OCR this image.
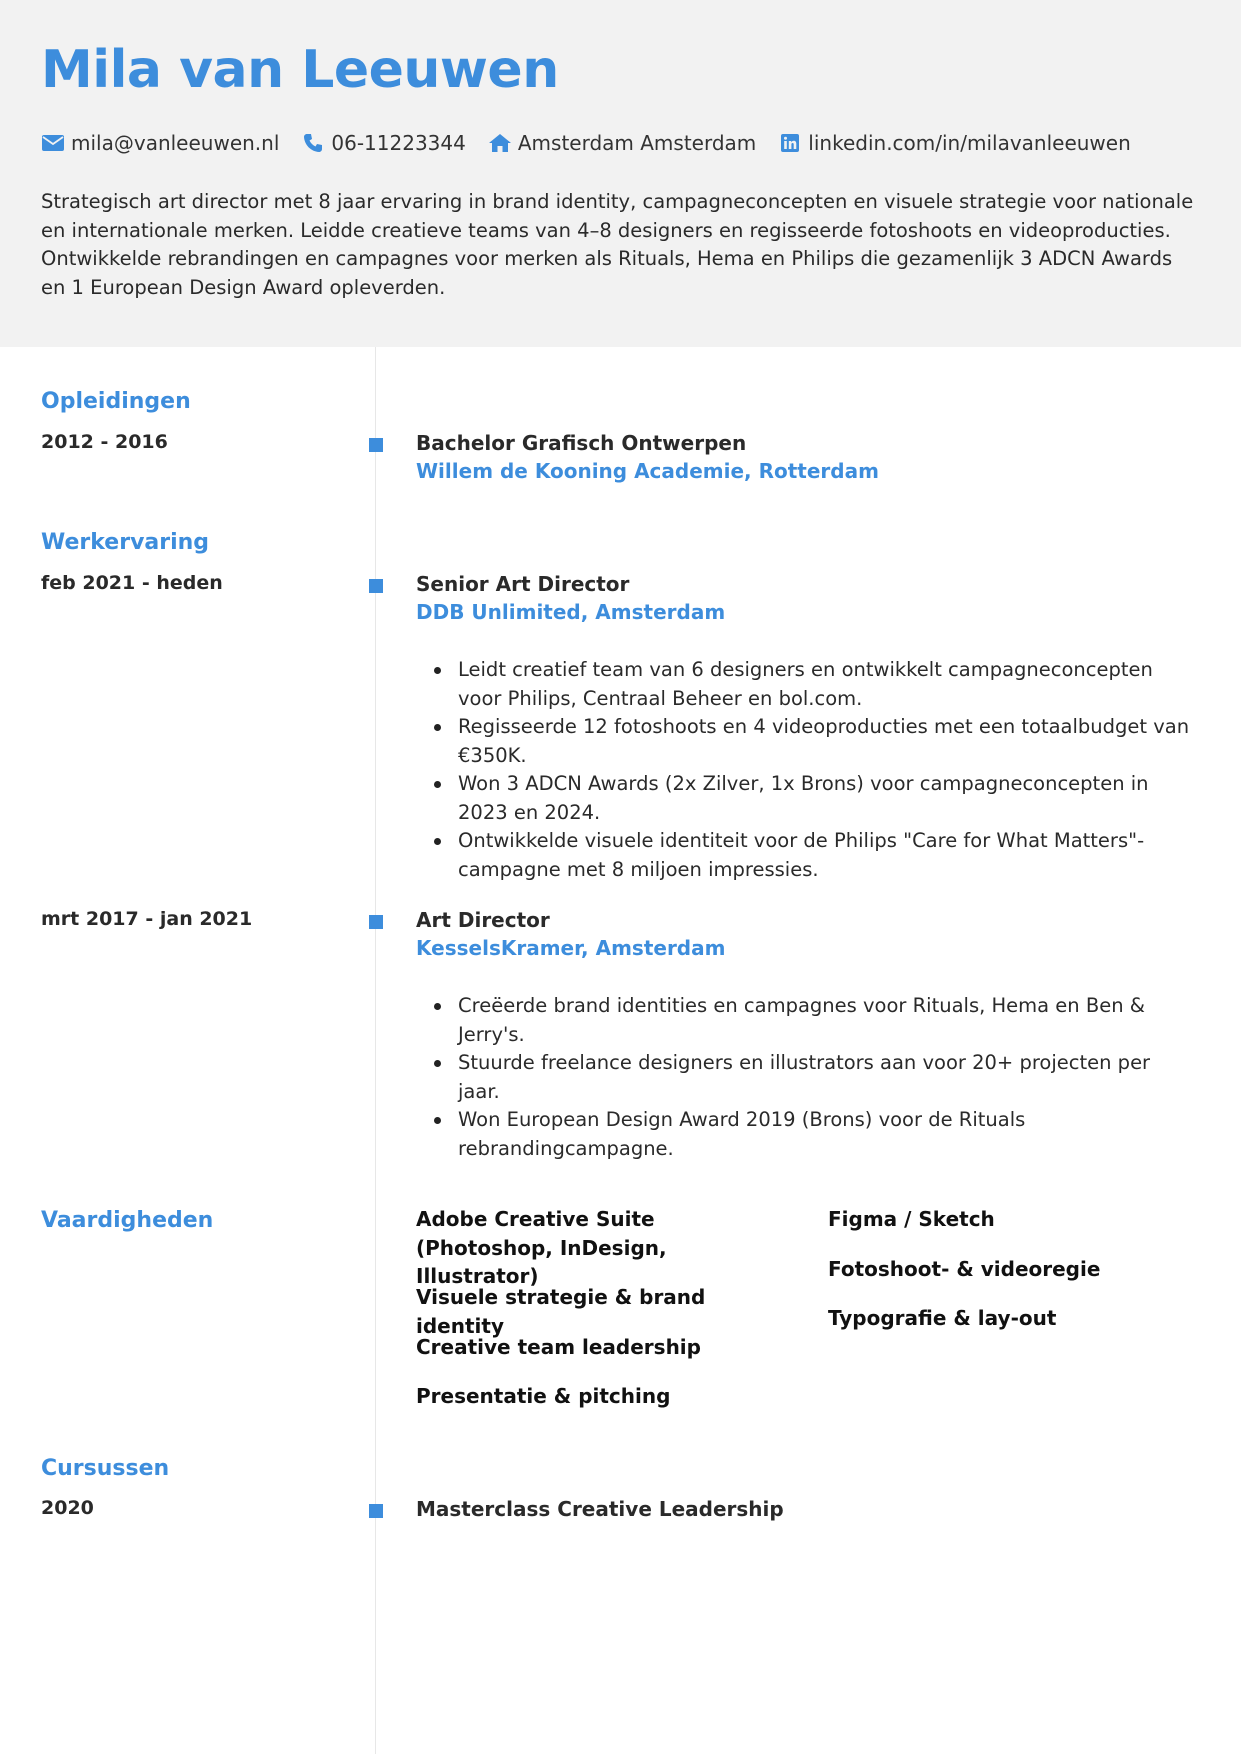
Mila van Leeuwen
mila@vanleeuwen.nl	06-11223344	Amsterdam Amsterdam	linkedin.com/in/milavanleeuwen

Strategisch art director met 8 jaar ervaring in brand identity, campagneconcepten en visuele strategie voor nationale en internationale merken. Leidde creatieve teams van 4–8 designers en regisseerde fotoshoots en videoproducties. Ontwikkelde rebrandingen en campagnes voor merken als Rituals, Hema en Philips die gezamenlijk 3 ADCN Awards en 1 European Design Award opleverden.

Opleidingen
2012 - 2016	Bachelor Grafisch Ontwerpen
Willem de Kooning Academie, Rotterdam
Werkervaring
feb 2021 - heden	Senior Art Director
DDB Unlimited, Amsterdam
Leidt creatief team van 6 designers en ontwikkelt campagneconcepten voor Philips, Centraal Beheer en bol.com.
Regisseerde 12 fotoshoots en 4 videoproducties met een totaalbudget van €350K.
Won 3 ADCN Awards (2x Zilver, 1x Brons) voor campagneconcepten in 2023 en 2024.
Ontwikkelde visuele identiteit voor de Philips "Care for What Matters"-campagne met 8 miljoen impressies.
mrt 2017 - jan 2021	Art Director
KesselsKramer, Amsterdam
Creëerde brand identities en campagnes voor Rituals, Hema en Ben & Jerry's.
Stuurde freelance designers en illustrators aan voor 20+ projecten per jaar.
Won European Design Award 2019 (Brons) voor de Rituals rebrandingcampagne.
Vaardigheden	Adobe Creative Suite (Photoshop, InDesign, Illustrator)
Visuele strategie & brand identity
Creative team leadership
Presentatie & pitching
Figma / Sketch
Fotoshoot- & videoregie
Typografie & lay-out
Cursussen
2020	Masterclass Creative Leadership
